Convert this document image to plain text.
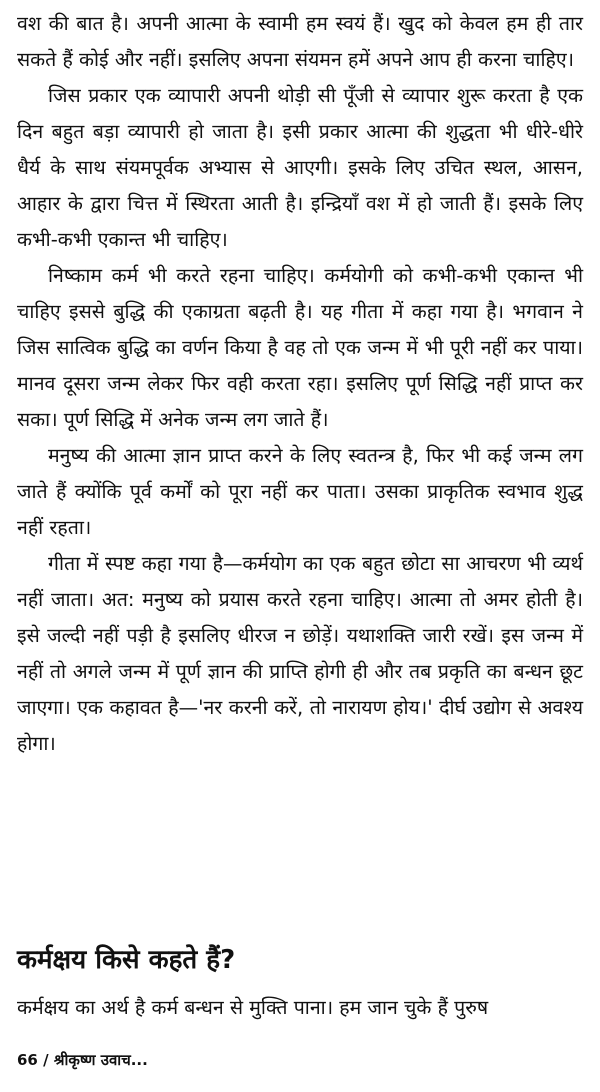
वश की बात है। अपनी आत्मा के स्वामी हम स्वयं हैं। खुद को केवल हम ही तार सकते हैं कोई और नहीं। इसलिए अपना संयमन हमें अपने आप ही करना चाहिए।

जिस प्रकार एक व्यापारी अपनी थोड़ी सी पूँजी से व्यापार शुरू करता है एक दिन बहुत बड़ा व्यापारी हो जाता है। इसी प्रकार आत्मा की शुद्धता भी धीरे-धीरे धैर्य के साथ संयमपूर्वक अभ्यास से आएगी। इसके लिए उचित स्थल, आसन, आहार के द्वारा चित्त में स्थिरता आती है। इन्द्रियाँ वश में हो जाती हैं। इसके लिए कभी-कभी एकान्त भी चाहिए।

निष्काम कर्म भी करते रहना चाहिए। कर्मयोगी को कभी-कभी एकान्त भी चाहिए इससे बुद्धि की एकाग्रता बढ़ती है। यह गीता में कहा गया है। भगवान ने जिस सात्विक बुद्धि का वर्णन किया है वह तो एक जन्म में भी पूरी नहीं कर पाया। मानव दूसरा जन्म लेकर फिर वही करता रहा। इसलिए पूर्ण सिद्धि नहीं प्राप्त कर सका। पूर्ण सिद्धि में अनेक जन्म लग जाते हैं।

मनुष्य की आत्मा ज्ञान प्राप्त करने के लिए स्वतन्त्र है, फिर भी कई जन्म लग जाते हैं क्योंकि पूर्व कर्मों को पूरा नहीं कर पाता। उसका प्राकृतिक स्वभाव शुद्ध नहीं रहता।

गीता में स्पष्ट कहा गया है—कर्मयोग का एक बहुत छोटा सा आचरण भी व्यर्थ नहीं जाता। अत: मनुष्य को प्रयास करते रहना चाहिए। आत्मा तो अमर होती है। इसे जल्दी नहीं पड़ी है इसलिए धीरज न छोड़ें। यथाशक्ति जारी रखें। इस जन्म में नहीं तो अगले जन्म में पूर्ण ज्ञान की प्राप्ति होगी ही और तब प्रकृति का बन्धन छूट जाएगा। एक कहावत है—'नर करनी करें, तो नारायण होय।' दीर्घ उद्योग से अवश्य होगा।

कर्मक्षय किसे कहते हैं?

कर्मक्षय का अर्थ है कर्म बन्धन से मुक्ति पाना। हम जान चुके हैं पुरुष

66 / श्रीकृष्ण उवाच...
